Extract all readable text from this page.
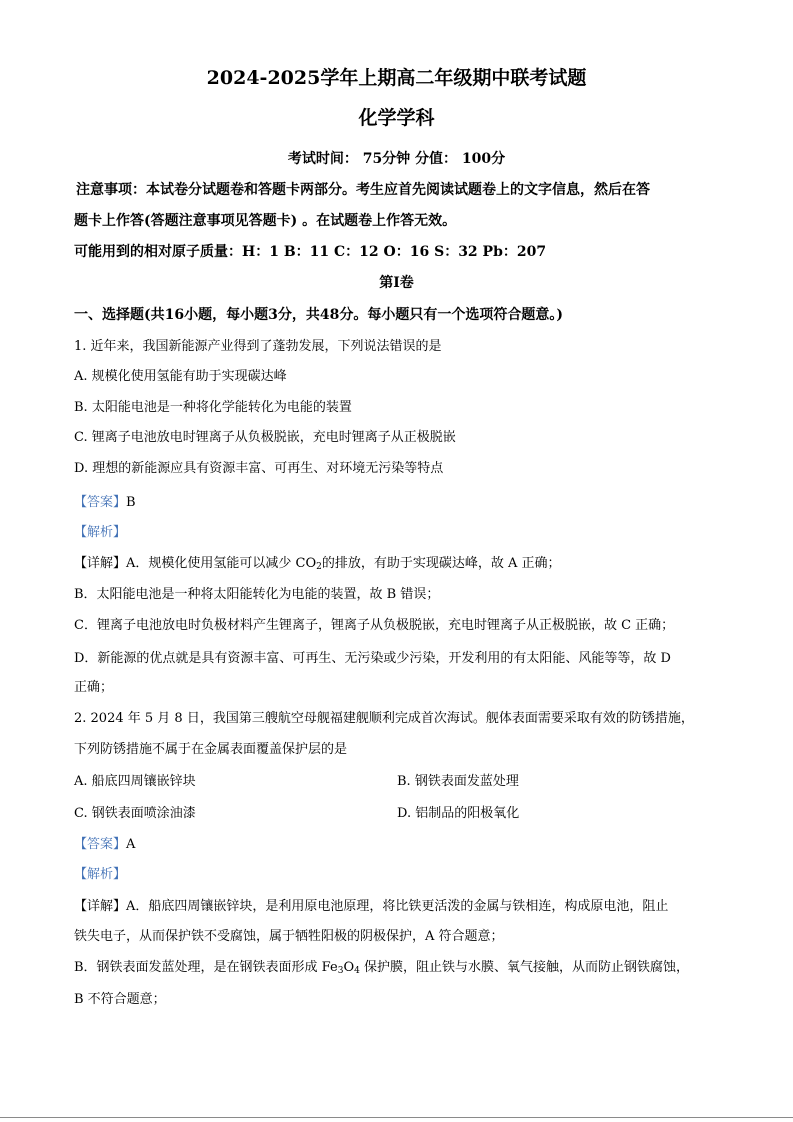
2024-2025学年上期高二年级期中联考试题
化学学科
考试时间： 75分钟 分值： 100分
注意事项：本试卷分试题卷和答题卡两部分。考生应首先阅读试题卷上的文字信息，然后在答
题卡上作答(答题注意事项见答题卡) 。在试题卷上作答无效。
可能用到的相对原子质量：H：1 B：11 C：12 O：16 S：32 Pb：207
第Ⅰ卷
一、选择题(共16小题，每小题3分，共48分。每小题只有一个选项符合题意。)
1. 近年来，我国新能源产业得到了蓬勃发展，下列说法错误的是
A. 规模化使用氢能有助于实现碳达峰
B. 太阳能电池是一种将化学能转化为电能的装置
C. 锂离子电池放电时锂离子从负极脱嵌，充电时锂离子从正极脱嵌
D. 理想的新能源应具有资源丰富、可再生、对环境无污染等特点
【答案】B
【解析】
【详解】A．规模化使用氢能可以减少 $CO_2$的排放，有助于实现碳达峰，故 A 正确；
B．太阳能电池是一种将太阳能转化为电能的装置，故 B 错误；
C．锂离子电池放电时负极材料产生锂离子，锂离子从负极脱嵌，充电时锂离子从正极脱嵌，故 C 正确；
D．新能源的优点就是具有资源丰富、可再生、无污染或少污染，开发利用的有太阳能、风能等等，故 D
正确；
2. 2024 年 5 月 8 日，我国第三艘航空母舰福建舰顺利完成首次海试。舰体表面需要采取有效的防锈措施，
下列防锈措施不属于在金属表面覆盖保护层的是
A. 船底四周镶嵌锌块	B. 钢铁表面发蓝处理
C. 钢铁表面喷涂油漆	D. 铝制品的阳极氧化
【答案】A
【解析】
【详解】A．船底四周镶嵌锌块，是利用原电池原理，将比铁更活泼的金属与铁相连，构成原电池，阻止
铁失电子，从而保护铁不受腐蚀，属于牺牲阳极的阴极保护，A 符合题意；
B．钢铁表面发蓝处理，是在钢铁表面形成 $Fe_3O_4$ 保护膜，阻止铁与水膜、氧气接触，从而防止钢铁腐蚀，
B 不符合题意；
